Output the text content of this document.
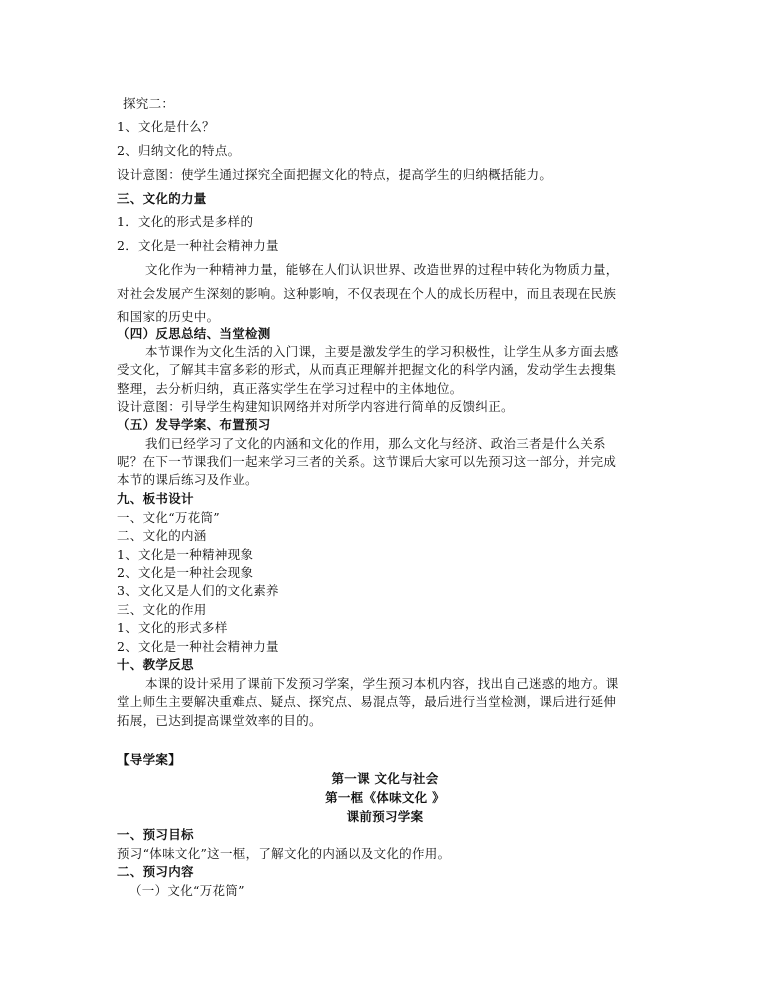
探究二：
1、文化是什么？
2、归纳文化的特点。
设计意图：使学生通过探究全面把握文化的特点，提高学生的归纳概括能力。
三、文化的力量
1．文化的形式是多样的
2．文化是一种社会精神力量
文化作为一种精神力量，能够在人们认识世界、改造世界的过程中转化为物质力量，
对社会发展产生深刻的影响。这种影响，不仅表现在个人的成长历程中，而且表现在民族
和国家的历史中。
（四）反思总结、当堂检测
本节课作为文化生活的入门课，主要是激发学生的学习积极性，让学生从多方面去感
受文化，了解其丰富多彩的形式，从而真正理解并把握文化的科学内涵，发动学生去搜集
整理，去分析归纳，真正落实学生在学习过程中的主体地位。
设计意图：引导学生构建知识网络并对所学内容进行简单的反馈纠正。
（五）发导学案、布置预习
我们已经学习了文化的内涵和文化的作用，那么文化与经济、政治三者是什么关系
呢？在下一节课我们一起来学习三者的关系。这节课后大家可以先预习这一部分，并完成
本节的课后练习及作业。
九、板书设计
一、文化“万花筒”
二、文化的内涵
1、文化是一种精神现象
2、文化是一种社会现象
3、文化又是人们的文化素养
三、文化的作用
1、文化的形式多样
2、文化是一种社会精神力量
十、教学反思
本课的设计采用了课前下发预习学案，学生预习本机内容，找出自己迷惑的地方。课
堂上师生主要解决重难点、疑点、探究点、易混点等，最后进行当堂检测，课后进行延伸
拓展，已达到提高课堂效率的目的。
【导学案】
第一课 文化与社会
第一框《体味文化 》
课前预习学案
一、预习目标
预习“体味文化”这一框，了解文化的内涵以及文化的作用。
二、预习内容
（一）文化“万花筒”
